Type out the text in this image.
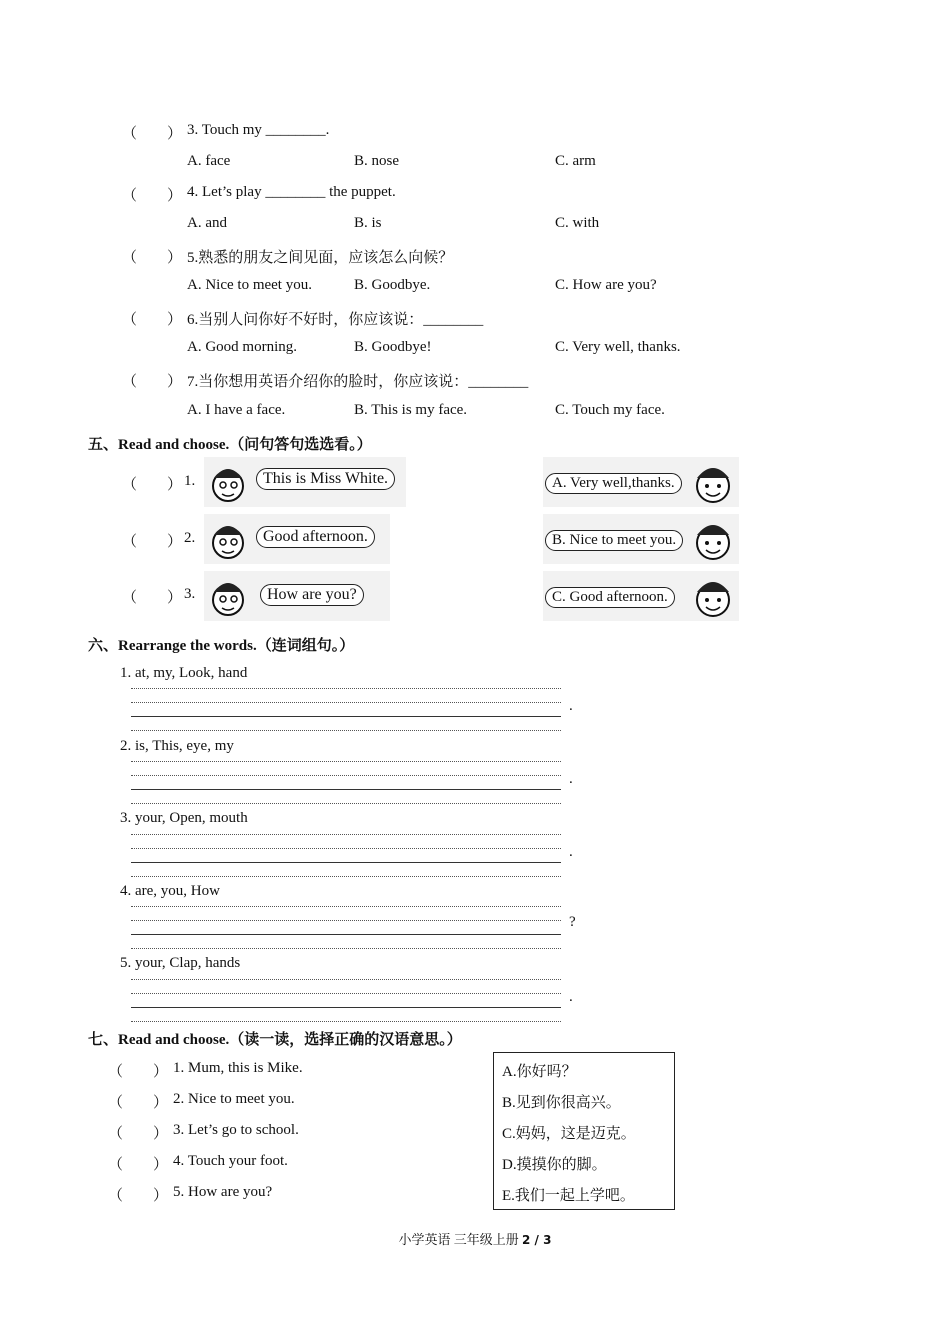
（　　） 3. Touch my ________.
A. face	B. nose	C. arm
（　　） 4. Let’s play ________ the puppet.
A. and	B. is	C. with
（　　） 5.熟悉的朋友之间见面，应该怎么向候？
A. Nice to meet you.	B. Goodbye.	C. How are you?
（　　） 6.当别人问你好不好时，你应该说：________
A. Good morning.	B. Goodbye!	C. Very well, thanks.
（　　） 7.当你想用英语介绍你的脸时，你应该说：________
A. I have a face.	B. This is my face.	C. Touch my face.
五、Read and choose.（问句答句选选看。）
（　　） 1.	This is Miss White.	A. Very well,thanks.
（　　） 2.	Good afternoon.	B. Nice to meet you.
（　　） 3.	How are you?	C. Good afternoon.
六、Rearrange the words.（连词组句。）
1. at, my, Look, hand
.
2. is, This, eye, my
.
3. your, Open, mouth
.
4. are, you, How
?
5. your, Clap, hands
.
七、Read and choose.（读一读，选择正确的汉语意思。）
（　　） 1. Mum, this is Mike.
（　　） 2. Nice to meet you.
（　　） 3. Let’s go to school.
（　　） 4. Touch your foot.
（　　） 5. How are you?
A.你好吗？
B.见到你很高兴。
C.妈妈，这是迈克。
D.摸摸你的脚。
E.我们一起上学吧。
小学英语 三年级上册 2 / 3
